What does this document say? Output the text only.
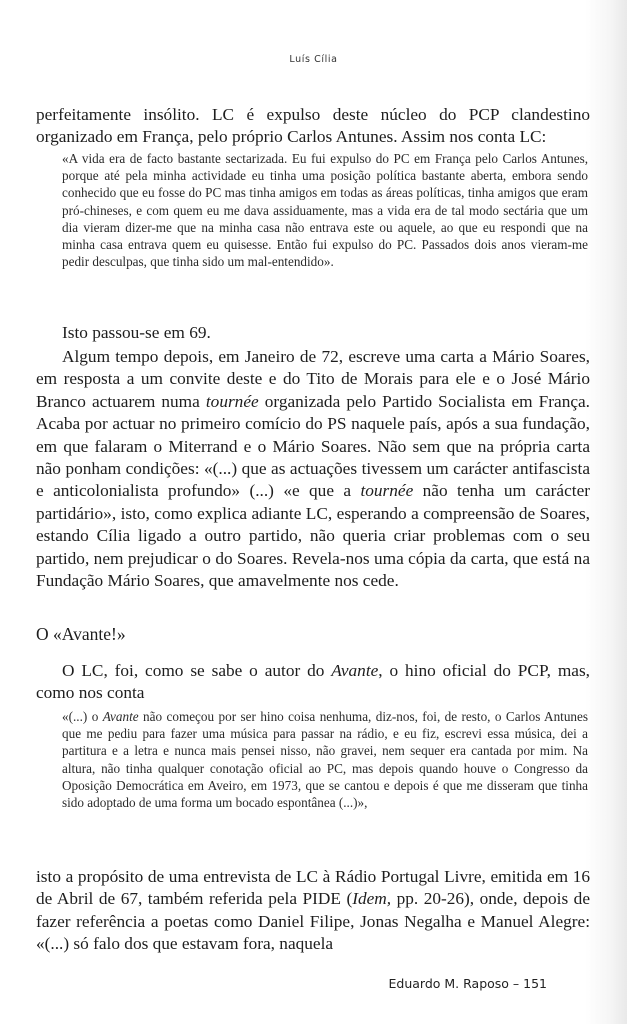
Luís Cília

perfeitamente insólito. LC é expulso deste núcleo do PCP clandestino organizado em França, pelo próprio Carlos Antunes. Assim nos conta LC:

«A vida era de facto bastante sectarizada. Eu fui expulso do PC em França pelo Carlos Antunes, porque até pela minha actividade eu tinha uma posição política bastante aberta, embora sendo conhecido que eu fosse do PC mas tinha amigos em todas as áreas políticas, tinha amigos que eram pró-chineses, e com quem eu me dava assiduamente, mas a vida era de tal modo sectária que um dia vieram dizer-me que na minha casa não entrava este ou aquele, ao que eu respondi que na minha casa entrava quem eu quisesse. Então fui expulso do PC. Passados dois anos vieram-me pedir desculpas, que tinha sido um mal-entendido».

Isto passou-se em 69.

Algum tempo depois, em Janeiro de 72, escreve uma carta a Mário Soares, em resposta a um convite deste e do Tito de Morais para ele e o José Mário Branco actuarem numa tournée organizada pelo Partido Socialista em França. Acaba por actuar no primeiro comício do PS naquele país, após a sua fundação, em que falaram o Miterrand e o Mário Soares. Não sem que na própria carta não ponham condições: «(...) que as actuações tivessem um carácter antifascista e anticolonialista profundo» (...) «e que a tournée não tenha um carácter partidário», isto, como explica adiante LC, esperando a compreensão de Soares, estando Cília ligado a outro partido, não queria criar problemas com o seu partido, nem prejudicar o do Soares. Revela-nos uma cópia da carta, que está na Fundação Mário Soares, que amavelmente nos cede.

O «Avante!»

O LC, foi, como se sabe o autor do Avante, o hino oficial do PCP, mas, como nos conta

«(...) o Avante não começou por ser hino coisa nenhuma, diz-nos, foi, de resto, o Carlos Antunes que me pediu para fazer uma música para passar na rádio, e eu fiz, escrevi essa música, dei a partitura e a letra e nunca mais pensei nisso, não gravei, nem sequer era cantada por mim. Na altura, não tinha qualquer conotação oficial ao PC, mas depois quando houve o Congresso da Oposição Democrática em Aveiro, em 1973, que se cantou e depois é que me disseram que tinha sido adoptado de uma forma um bocado espontânea (...)»,

isto a propósito de uma entrevista de LC à Rádio Portugal Livre, emitida em 16 de Abril de 67, também referida pela PIDE (Idem, pp. 20-26), onde, depois de fazer referência a poetas como Daniel Filipe, Jonas Negalha e Manuel Alegre: «(...) só falo dos que estavam fora, naquela

Eduardo M. Raposo – 151
